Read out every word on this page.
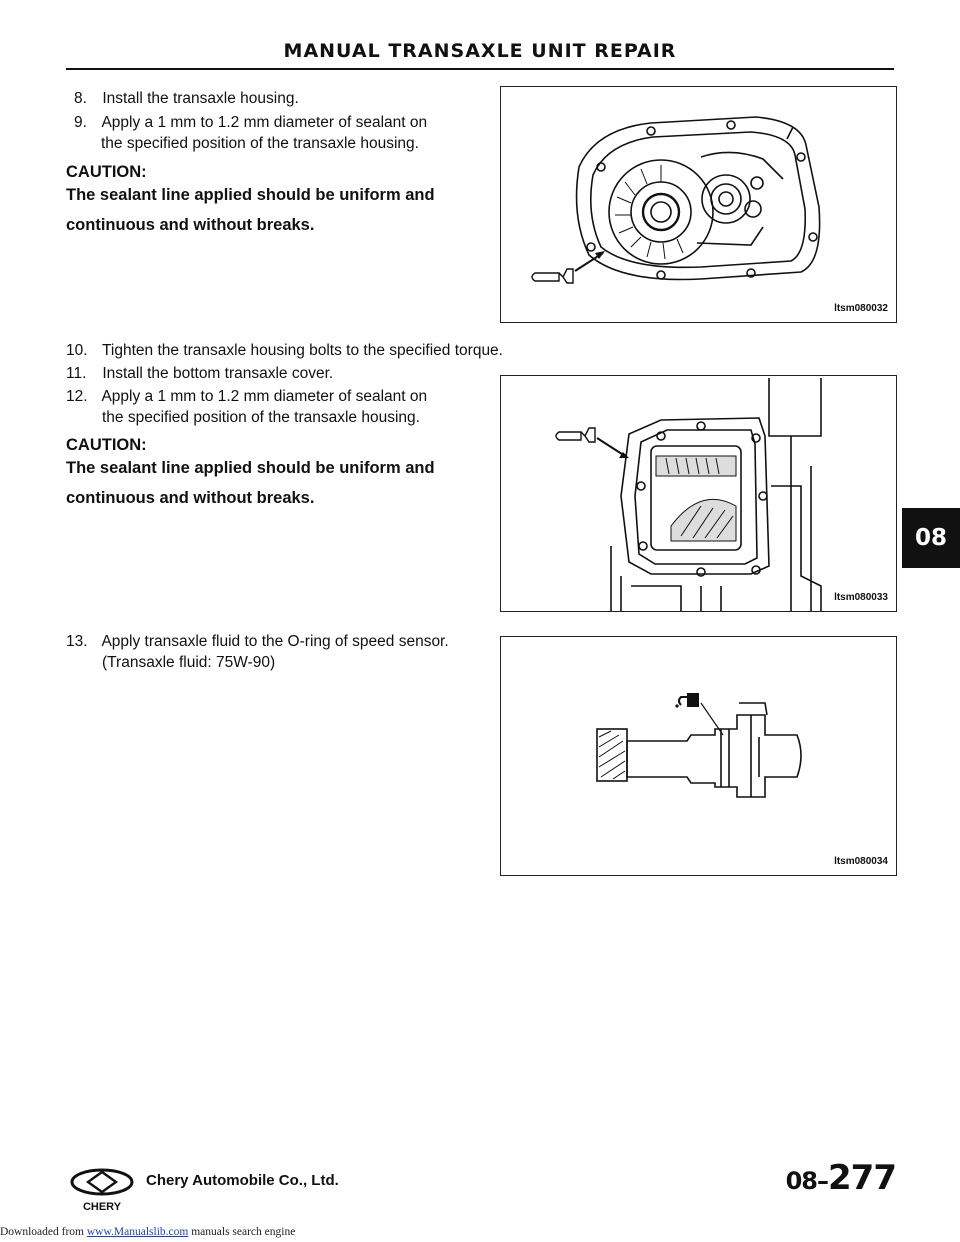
MANUAL TRANSAXLE UNIT REPAIR
8. Install the transaxle housing.
9. Apply a 1 mm to 1.2 mm diameter of sealant on
the specified position of the transaxle housing.
CAUTION:
The sealant line applied should be uniform and continuous and without breaks.
ltsm080032
10. Tighten the transaxle housing bolts to the specified torque.
11. Install the bottom transaxle cover.
12. Apply a 1 mm to 1.2 mm diameter of sealant on
the specified position of the transaxle housing.
CAUTION:
The sealant line applied should be uniform and continuous and without breaks.
ltsm080033
13. Apply transaxle fluid to the O-ring of speed sensor.
(Transaxle fluid: 75W-90)
ltsm080034
08
CHERY
Chery Automobile Co., Ltd.	08–277
Downloaded from www.Manualslib.com manuals search engine
